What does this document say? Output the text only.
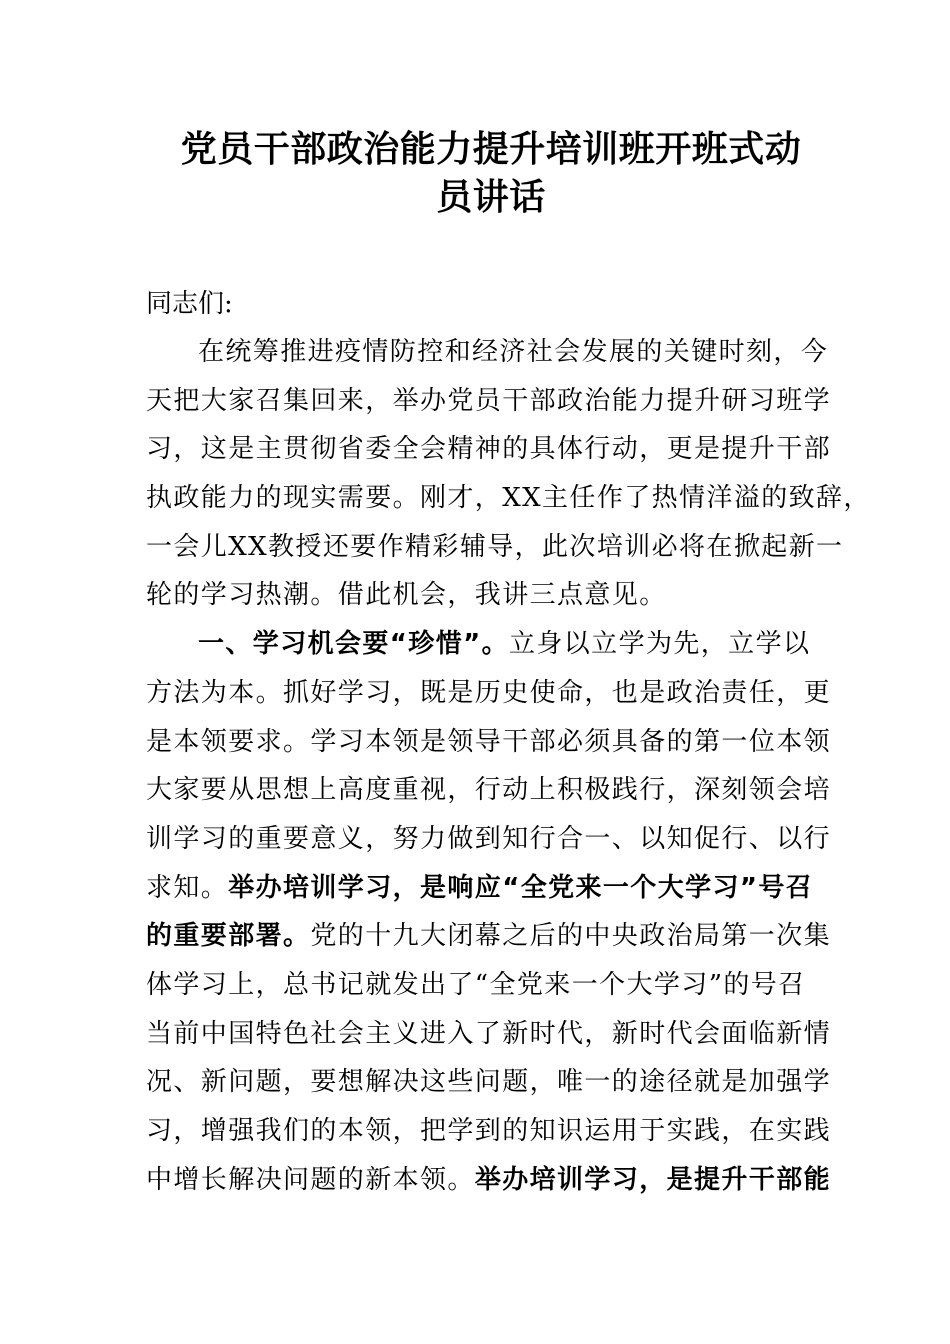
党员干部政治能力提升培训班开班式动
员讲话
同志们:
在统筹推进疫情防控和经济社会发展的关键时刻，今
天把大家召集回来，举办党员干部政治能力提升研习班学
习，这是主贯彻省委全会精神的具体行动，更是提升干部
执政能力的现实需要。刚才，XX主任作了热情洋溢的致辞，
一会儿XX教授还要作精彩辅导，此次培训必将在掀起新一
轮的学习热潮。借此机会，我讲三点意见。
一、学习机会要“珍惜”。立身以立学为先，立学以
方法为本。抓好学习，既是历史使命，也是政治责任，更
是本领要求。学习本领是领导干部必须具备的第一位本领
大家要从思想上高度重视，行动上积极践行，深刻领会培
训学习的重要意义，努力做到知行合一、以知促行、以行
求知。举办培训学习，是响应“全党来一个大学习”号召
的重要部署。党的十九大闭幕之后的中央政治局第一次集
体学习上，总书记就发出了“全党来一个大学习”的号召
当前中国特色社会主义进入了新时代，新时代会面临新情
况、新问题，要想解决这些问题，唯一的途径就是加强学
习，增强我们的本领，把学到的知识运用于实践，在实践
中增长解决问题的新本领。举办培训学习，是提升干部能
